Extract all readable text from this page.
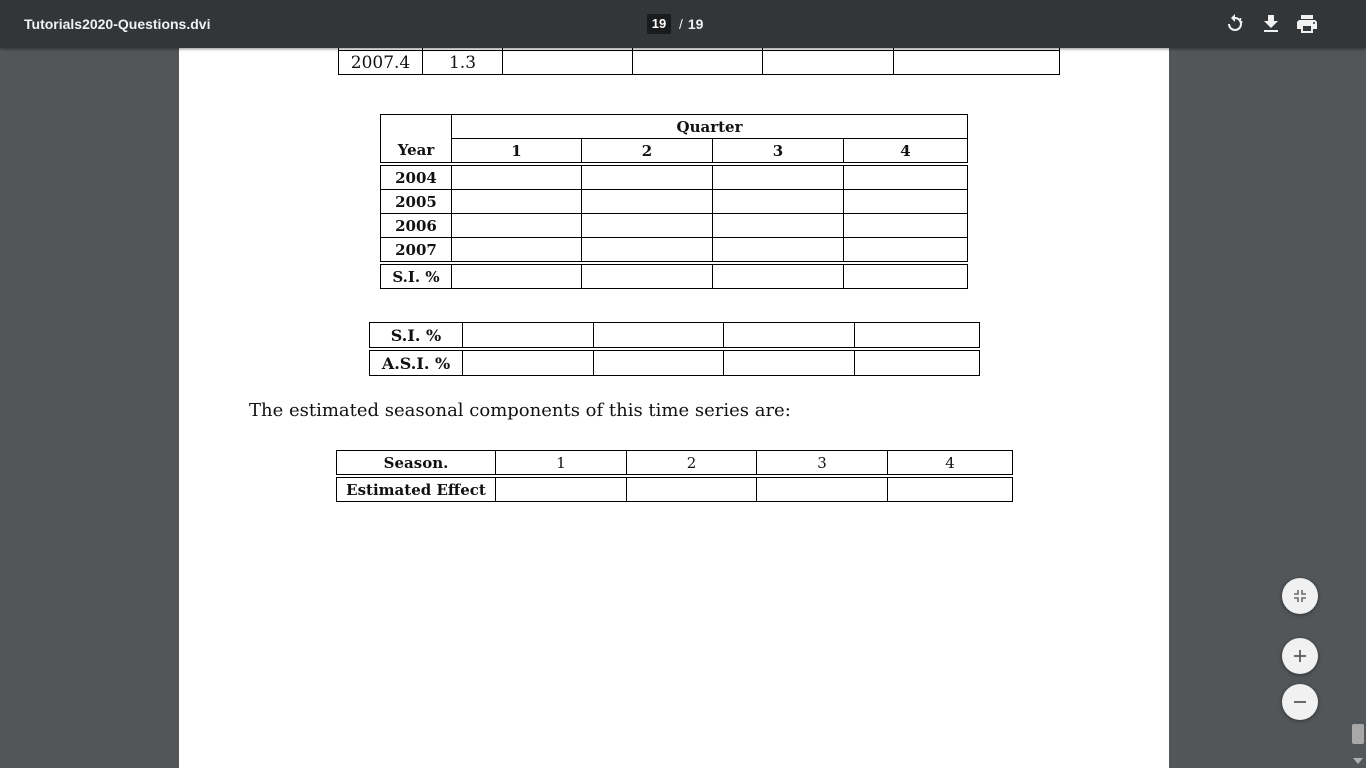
Tutorials2020-Questions.dvi	19 / 19

2007.4	1.3				
	Quarter			
Year	1	2	3	4

2004				
2005				
2006				
2007				

S.I. %				
S.I. %				

A.S.I. %				
The estimated seasonal components of this time series are:
Season.	1	2	3	4

Estimated Effect				
